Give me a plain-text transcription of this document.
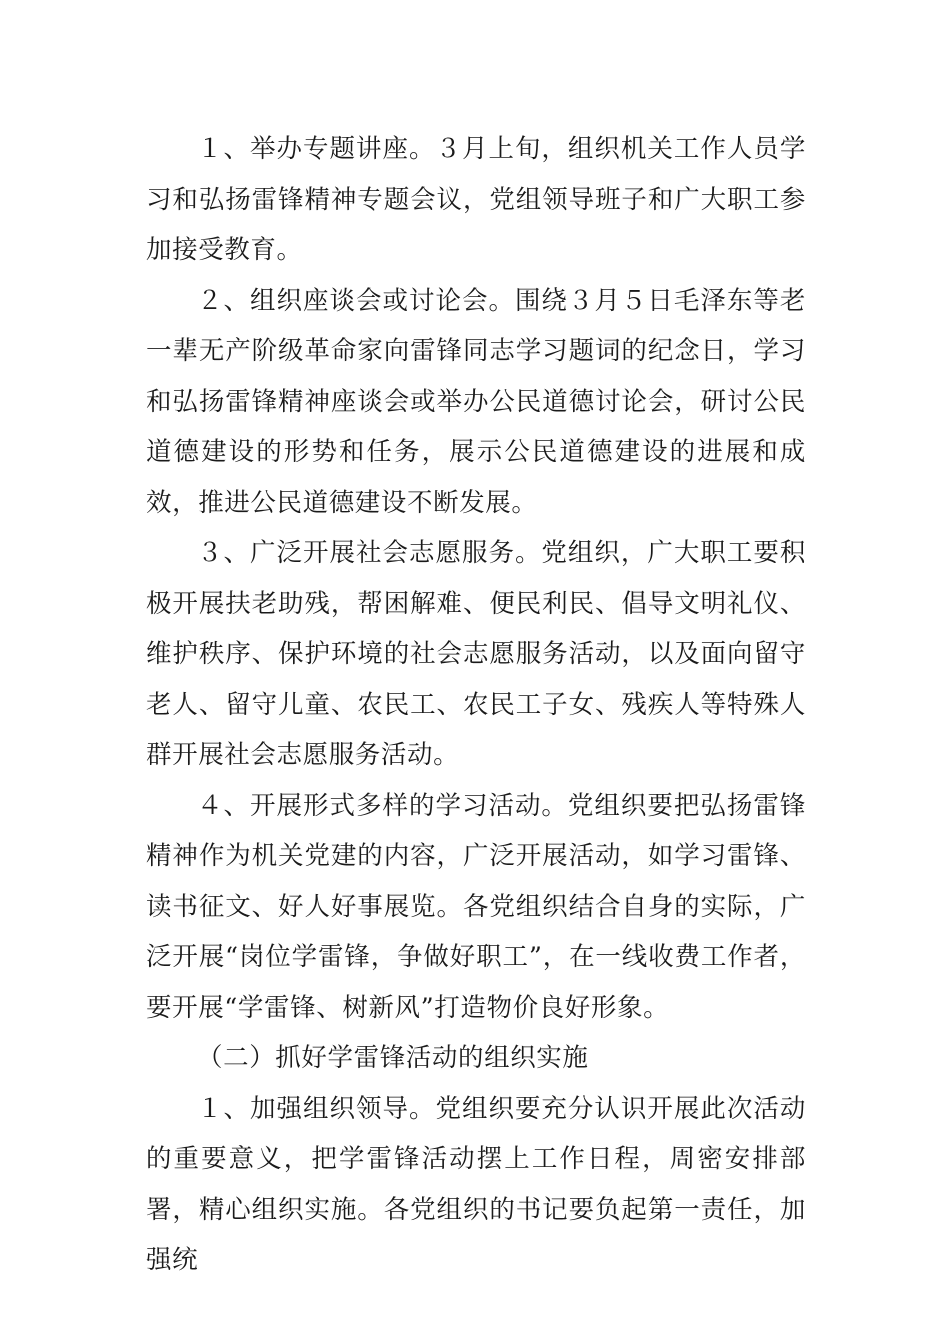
１、举办专题讲座。３月上旬，组织机关工作人员学习和弘扬雷锋精神专题会议，党组领导班子和广大职工参加接受教育。

２、组织座谈会或讨论会。围绕３月５日毛泽东等老一辈无产阶级革命家向雷锋同志学习题词的纪念日，学习和弘扬雷锋精神座谈会或举办公民道德讨论会，研讨公民道德建设的形势和任务，展示公民道德建设的进展和成效，推进公民道德建设不断发展。

３、广泛开展社会志愿服务。党组织，广大职工要积极开展扶老助残，帮困解难、便民利民、倡导文明礼仪、维护秩序、保护环境的社会志愿服务活动，以及面向留守老人、留守儿童、农民工、农民工子女、残疾人等特殊人群开展社会志愿服务活动。

４、开展形式多样的学习活动。党组织要把弘扬雷锋精神作为机关党建的内容，广泛开展活动，如学习雷锋、读书征文、好人好事展览。各党组织结合自身的实际，广泛开展“岗位学雷锋，争做好职工”，在一线收费工作者，要开展“学雷锋、树新风”打造物价良好形象。

（二）抓好学雷锋活动的组织实施

１、加强组织领导。党组织要充分认识开展此次活动的重要意义，把学雷锋活动摆上工作日程，周密安排部署，精心组织实施。各党组织的书记要负起第一责任，加强统
